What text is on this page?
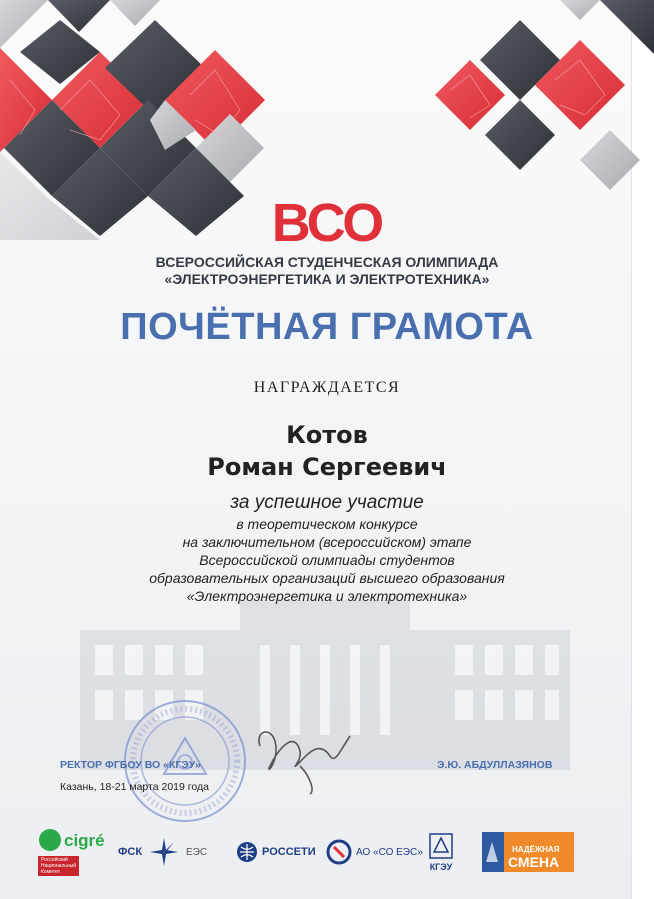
ВСО
ВСЕРОССИЙСКАЯ СТУДЕНЧЕСКАЯ ОЛИМПИАДА
«ЭЛЕКТРОЭНЕРГЕТИКА И ЭЛЕКТРОТЕХНИКА»
ПОЧЁТНАЯ ГРАМОТА
НАГРАЖДАЕТСЯ
Котов
Роман Сергеевич
за успешное участие
в теоретическом конкурсе
на заключительном (всероссийском) этапе
Всероссийской олимпиады студентов
образовательных организаций высшего образования
«Электроэнергетика и электротехника»
РЕКТОР ФГБОУ ВО «КГЭУ»	Э.Ю. АБДУЛЛАЗЯНОВ
Казань, 18-21 марта 2019 года
cigré
Российский
Национальный
Комитет
ФСК	ЕЭС	РОССЕТИ	АО «СО ЕЭС»
КГЭУ
НАДЁЖНАЯ
СМЕНА
